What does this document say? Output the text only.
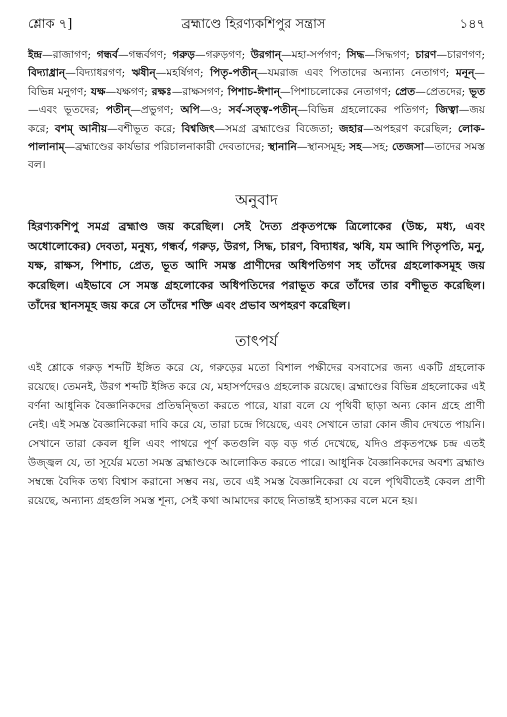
শ্লোক ৭]	ব্রহ্মাণ্ডে হিরণ্যকশিপুর সন্ত্রাস	১৪৭
ইন্দ্র—রাজাগণ; গন্ধর্ব—গন্ধর্বগণ; গরুড়—গরুড়গণ; উরগান্—মহা-সর্পগণ; সিদ্ধ—সিদ্ধগণ; চারণ—চারণগণ; বিদ্যাধ্রান্—বিদ্যাধরগণ; ঋষীন্—মহর্ষিগণ; পিতৃ-পতীন্—যমরাজ এবং পিতাদের অন্যান্য নেতাগণ; মনূন্—বিভিন্ন মনুগণ; যক্ষ—যক্ষগণ; রক্ষঃ—রাক্ষসগণ; পিশাচ-ঈশান্—পিশাচলোকের নেতাগণ; প্রেত—প্রেতদের; ভূত—এবং ভূতদের; পতীন্—প্রভুগণ; অপি—ও; সর্ব-সত্ত্ব-পতীন্—বিভিন্ন গ্রহলোকের পতিগণ; জিত্বা—জয় করে; বশম্ আনীয়—বশীভূত করে; বিশ্বজিৎ—সমগ্র ব্রহ্মাণ্ডের বিজেতা; জহার—অপহরণ করেছিল; লোক-পালানাম্—ব্রহ্মাণ্ডের কার্যভার পরিচালনাকারী দেবতাদের; স্থানানি—স্থানসমূহ; সহ—সহ; তেজসা—তাদের সমস্ত বল।
অনুবাদ
হিরণ্যকশিপু সমগ্র ব্রহ্মাণ্ড জয় করেছিল। সেই দৈত্য প্রকৃতপক্ষে ত্রিলোকের (উচ্চ, মধ্য, এবং অধোলোকের) দেবতা, মনুষ্য, গন্ধর্ব, গরুড়, উরগ, সিদ্ধ, চারণ, বিদ্যাধর, ঋষি, যম আদি পিতৃপতি, মনু, যক্ষ, রাক্ষস, পিশাচ, প্রেত, ভূত আদি সমস্ত প্রাণীদের অধিপতিগণ সহ তাঁদের গ্রহলোকসমূহ জয় করেছিল। এইভাবে সে সমস্ত গ্রহলোকের অধিপতিদের পরাভূত করে তাঁদের তার বশীভূত করেছিল। তাঁদের স্থানসমূহ জয় করে সে তাঁদের শক্তি এবং প্রভাব অপহরণ করেছিল।
তাৎপর্য

এই শ্লোকে গরুড় শব্দটি ইঙ্গিত করে যে, গরুড়ের মতো বিশাল পক্ষীদের বসবাসের জন্য একটি গ্রহলোক রয়েছে। তেমনই, উরগ শব্দটি ইঙ্গিত করে যে, মহাসর্পদেরও গ্রহলোক রয়েছে। ব্রহ্মাণ্ডের বিভিন্ন গ্রহলোকের এই বর্ণনা আধুনিক বৈজ্ঞানিকদের প্রতিদ্বন্দ্বিতা করতে পারে, যারা বলে যে পৃথিবী ছাড়া অন্য কোন গ্রহে প্রাণী নেই। এই সমস্ত বৈজ্ঞানিকেরা দাবি করে যে, তারা চন্দ্রে গিয়েছে, এবং সেখানে তারা কোন জীব দেখতে পায়নি। সেখানে তারা কেবল ধূলি এবং পাথরে পূর্ণ কতগুলি বড় বড় গর্ত দেখেছে, যদিও প্রকৃতপক্ষে চন্দ্র এতই উজ্জ্বল যে, তা সূর্যের মতো সমস্ত ব্রহ্মাণ্ডকে আলোকিত করতে পারে। আধুনিক বৈজ্ঞানিকদের অবশ্য ব্রহ্মাণ্ড সম্বন্ধে বৈদিক তথ্য বিশ্বাস করানো সম্ভব নয়, তবে এই সমস্ত বৈজ্ঞানিকেরা যে বলে পৃথিবীতেই কেবল প্রাণী রয়েছে, অন্যান্য গ্রহগুলি সমস্ত শূন্য, সেই কথা আমাদের কাছে নিতান্তই হাস্যকর বলে মনে হয়।
